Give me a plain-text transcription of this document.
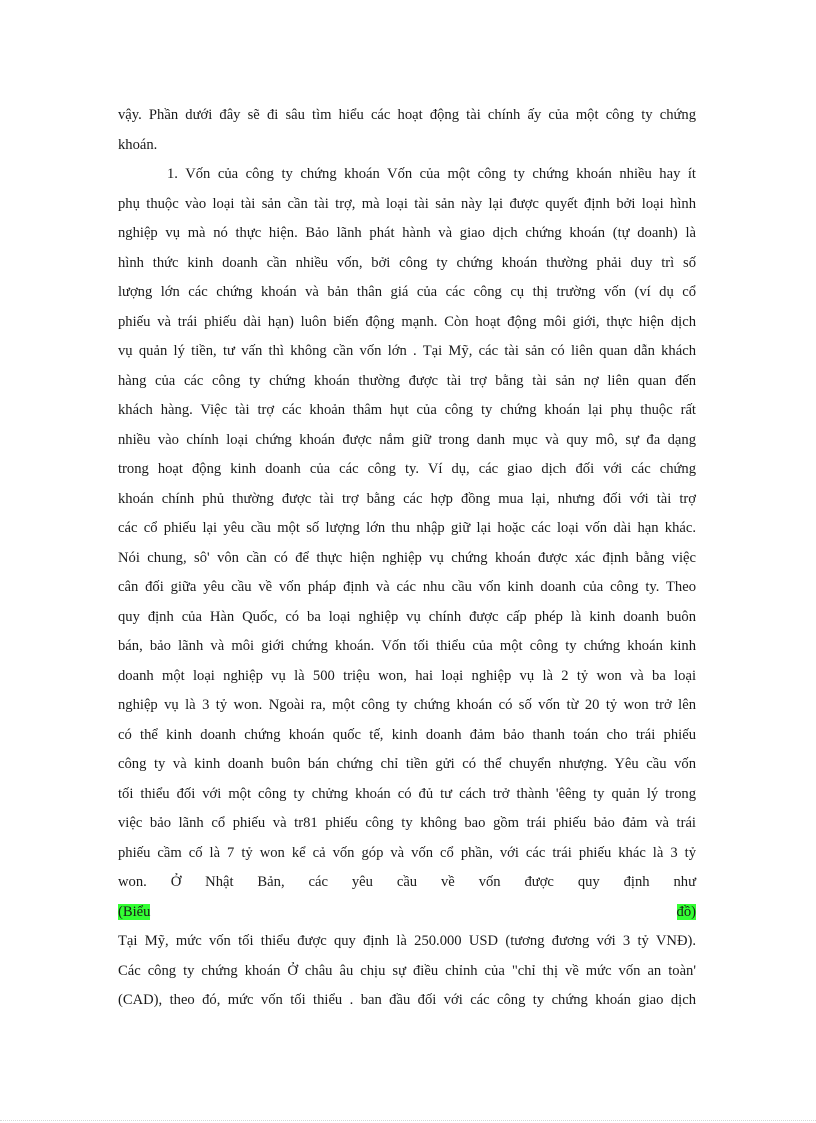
vậy. Phần dưới đây sẽ đi sâu tìm hiểu các hoạt động tài chính ấy của một công ty chứng
khoán.
1. Vốn của công ty chứng khoán Vốn của một công ty chứng khoán nhiều hay ít
phụ thuộc vào loại tài sản cần tài trợ, mà loại tài sản này lại được quyết định bởi loại hình
nghiệp vụ mà nó thực hiện. Bảo lãnh phát hành và giao dịch chứng khoán (tự doanh) là
hình thức kinh doanh cần nhiều vốn, bởi công ty chứng khoán thường phải duy trì số
lượng lớn các chứng khoán và bản thân giá của các công cụ thị trường vốn (ví dụ cổ
phiếu và trái phiếu dài hạn) luôn biến động mạnh. Còn hoạt động môi giới, thực hiện dịch
vụ quản lý tiền, tư vấn thì không cần vốn lớn . Tại Mỹ, các tài sản có liên quan dẫn khách
hàng của các công ty chứng khoán thường được tài trợ bằng tài sản nợ liên quan đến
khách hàng. Việc tài trợ các khoản thâm hụt của công ty chứng khoán lại phụ thuộc rất
nhiều vào chính loại chứng khoán được nắm giữ trong danh mục và quy mô, sự đa dạng
trong hoạt động kinh doanh của các công ty. Ví dụ, các giao dịch đối với các chứng
khoán chính phủ thường được tài trợ bằng các hợp đồng mua lại, nhưng đối với tài trợ
các cổ phiếu lại yêu cầu một số lượng lớn thu nhập giữ lại hoặc các loại vốn dài hạn khác.
Nói chung, sô' vôn cần có để thực hiện nghiệp vụ chứng khoán được xác định bằng việc
cân đối giữa yêu cầu về vốn pháp định và các nhu cầu vốn kinh doanh của công ty. Theo
quy định của Hàn Quốc, có ba loại nghiệp vụ chính được cấp phép là kinh doanh buôn
bán, bảo lãnh và môi giới chứng khoán. Vốn tối thiểu của một công ty chứng khoán kinh
doanh một loại nghiệp vụ là 500 triệu won, hai loại nghiệp vụ là 2 tỷ won và ba loại
nghiệp vụ là 3 tỷ won. Ngoài ra, một công ty chứng khoán có số vốn từ 20 tỷ won trở lên
có thể kinh doanh chứng khoán quốc tế, kinh doanh đảm bảo thanh toán cho trái phiếu
công ty và kinh doanh buôn bán chứng chỉ tiền gửi có thể chuyển nhượng. Yêu cầu vốn
tối thiểu đối với một công ty chửng khoán có đủ tư cách trở thành 'êêng ty quản lý trong
việc bảo lãnh cổ phiếu và tr81 phiếu công ty không bao gồm trái phiếu bảo đảm và trái
phiếu cầm cố là 7 tỷ won kể cả vốn góp và vốn cổ phần, với các trái phiếu khác là 3 tỷ
won. Ở Nhật Bản, các yêu cầu về vốn được quy định như
(Biểu	đồ)
Tại Mỹ, mức vốn tối thiểu được quy định là 250.000 USD (tương đương với 3 tỷ VNĐ).
Các công ty chứng khoán Ở châu âu chịu sự điều chỉnh của "chỉ thị về mức vốn an toàn'
(CAD), theo đó, mức vốn tối thiểu . ban đầu đối với các công ty chứng khoán giao dịch
